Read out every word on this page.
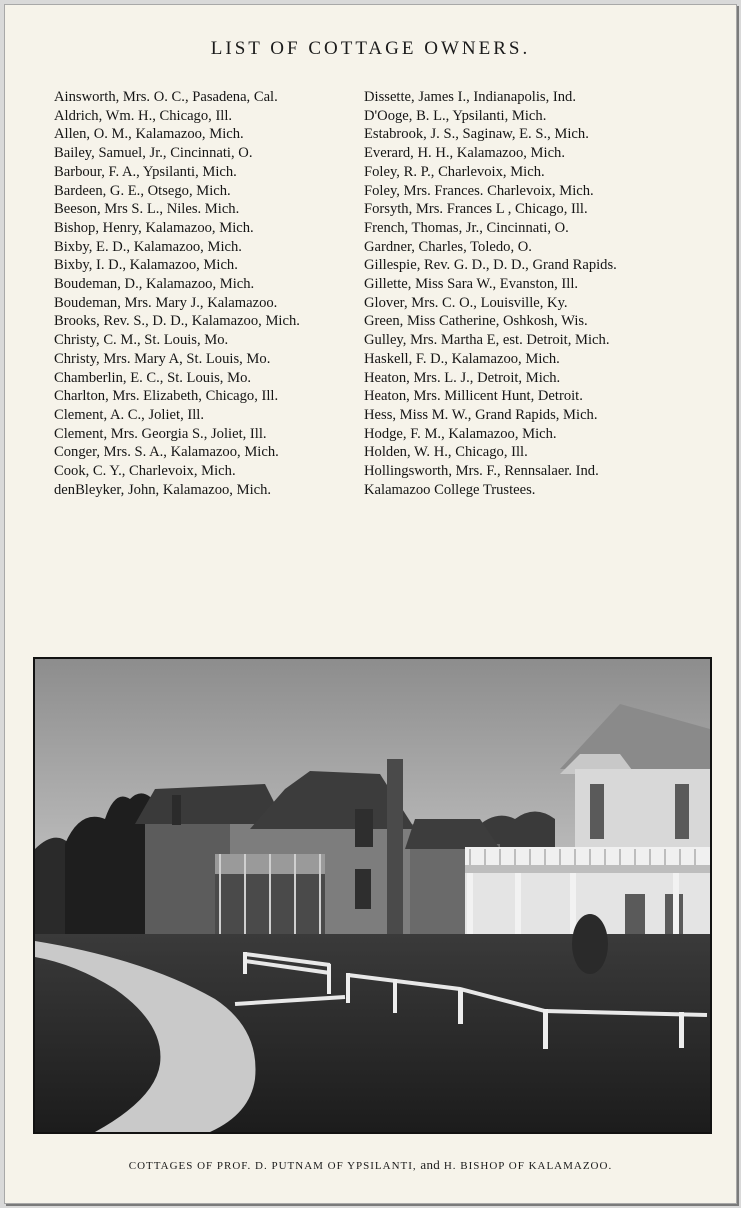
LIST OF COTTAGE OWNERS.
Ainsworth, Mrs. O. C., Pasadena, Cal.
Aldrich, Wm. H., Chicago, Ill.
Allen, O. M., Kalamazoo, Mich.
Bailey, Samuel, Jr., Cincinnati, O.
Barbour, F. A., Ypsilanti, Mich.
Bardeen, G. E., Otsego, Mich.
Beeson, Mrs S. L., Niles. Mich.
Bishop, Henry, Kalamazoo, Mich.
Bixby, E. D., Kalamazoo, Mich.
Bixby, I. D., Kalamazoo, Mich.
Boudeman, D., Kalamazoo, Mich.
Boudeman, Mrs. Mary J., Kalamazoo.
Brooks, Rev. S., D. D., Kalamazoo, Mich.
Christy, C. M., St. Louis, Mo.
Christy, Mrs. Mary A, St. Louis, Mo.
Chamberlin, E. C., St. Louis, Mo.
Charlton, Mrs. Elizabeth, Chicago, Ill.
Clement, A. C., Joliet, Ill.
Clement, Mrs. Georgia S., Joliet, Ill.
Conger, Mrs. S. A., Kalamazoo, Mich.
Cook, C. Y., Charlevoix, Mich.
denBleyker, John, Kalamazoo, Mich.
Dissette, James I., Indianapolis, Ind.
D'Ooge, B. L., Ypsilanti, Mich.
Estabrook, J. S., Saginaw, E. S., Mich.
Everard, H. H., Kalamazoo, Mich.
Foley, R. P., Charlevoix, Mich.
Foley, Mrs. Frances. Charlevoix, Mich.
Forsyth, Mrs. Frances L , Chicago, Ill.
French, Thomas, Jr., Cincinnati, O.
Gardner, Charles, Toledo, O.
Gillespie, Rev. G. D., D. D., Grand Rapids.
Gillette, Miss Sara W., Evanston, Ill.
Glover, Mrs. C. O., Louisville, Ky.
Green, Miss Catherine, Oshkosh, Wis.
Gulley, Mrs. Martha E, est. Detroit, Mich.
Haskell, F. D., Kalamazoo, Mich.
Heaton, Mrs. L. J., Detroit, Mich.
Heaton, Mrs. Millicent Hunt, Detroit.
Hess, Miss M. W., Grand Rapids, Mich.
Hodge, F. M., Kalamazoo, Mich.
Holden, W. H., Chicago, Ill.
Hollingsworth, Mrs. F., Rennsalaer. Ind.
Kalamazoo College Trustees.
COTTAGES OF PROF. D. PUTNAM OF YPSILANTI, and H. BISHOP OF KALAMAZOO.
